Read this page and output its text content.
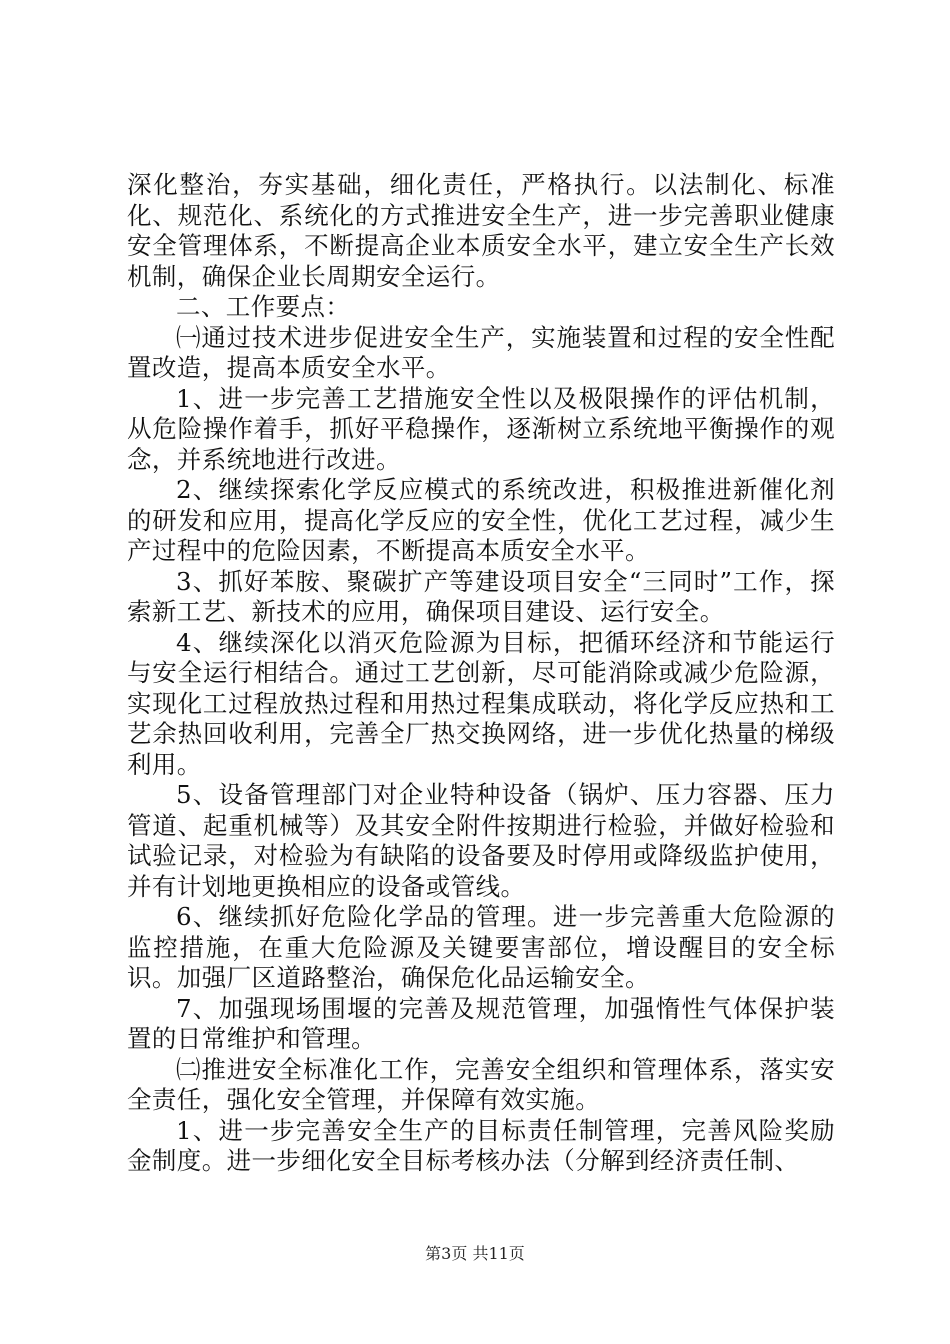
深化整治，夯实基础，细化责任，严格执行。以法制化、标准化、规范化、系统化的方式推进安全生产，进一步完善职业健康安全管理体系，不断提高企业本质安全水平，建立安全生产长效机制，确保企业长周期安全运行。

二、工作要点：

㈠通过技术进步促进安全生产，实施装置和过程的安全性配置改造，提高本质安全水平。

1、进一步完善工艺措施安全性以及极限操作的评估机制，从危险操作着手，抓好平稳操作，逐渐树立系统地平衡操作的观念，并系统地进行改进。

2、继续探索化学反应模式的系统改进，积极推进新催化剂的研发和应用，提高化学反应的安全性，优化工艺过程，减少生产过程中的危险因素，不断提高本质安全水平。

3、抓好苯胺、聚碳扩产等建设项目安全“三同时”工作，探索新工艺、新技术的应用，确保项目建设、运行安全。

4、继续深化以消灭危险源为目标，把循环经济和节能运行与安全运行相结合。通过工艺创新，尽可能消除或减少危险源，实现化工过程放热过程和用热过程集成联动，将化学反应热和工艺余热回收利用，完善全厂热交换网络，进一步优化热量的梯级利用。

5、设备管理部门对企业特种设备（锅炉、压力容器、压力管道、起重机械等）及其安全附件按期进行检验，并做好检验和试验记录，对检验为有缺陷的设备要及时停用或降级监护使用，并有计划地更换相应的设备或管线。

6、继续抓好危险化学品的管理。进一步完善重大危险源的监控措施，在重大危险源及关键要害部位，增设醒目的安全标识。加强厂区道路整治，确保危化品运输安全。

7、加强现场围堰的完善及规范管理，加强惰性气体保护装置的日常维护和管理。

㈡推进安全标准化工作，完善安全组织和管理体系，落实安全责任，强化安全管理，并保障有效实施。

1、进一步完善安全生产的目标责任制管理，完善风险奖励金制度。进一步细化安全目标考核办法（分解到经济责任制、

第3页 共11页
